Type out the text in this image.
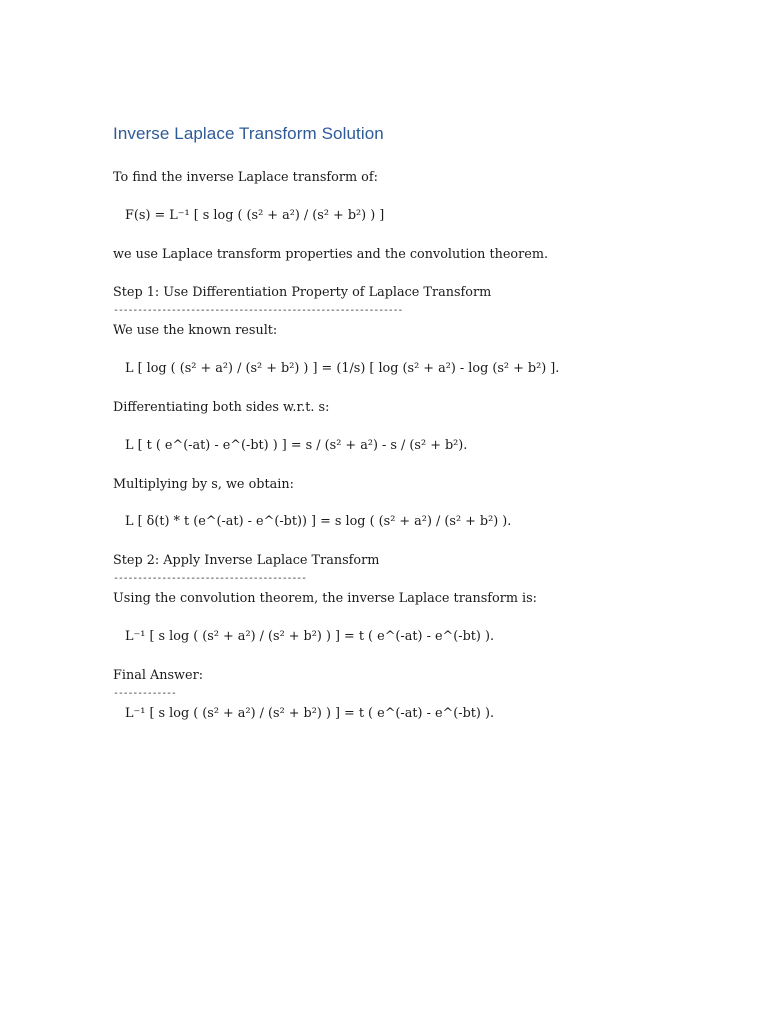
Inverse Laplace Transform Solution
To find the inverse Laplace transform of:
F(s) = L⁻¹ [ s log ( (s² + a²) / (s² + b²) ) ]
we use Laplace transform properties and the convolution theorem.
Step 1: Use Differentiation Property of Laplace Transform
------------------------------------------------------------
We use the known result:
L [ log ( (s² + a²) / (s² + b²) ) ] = (1/s) [ log (s² + a²) - log (s² + b²) ].
Differentiating both sides w.r.t. s:
L [ t ( e^(-at) - e^(-bt) ) ] = s / (s² + a²) - s / (s² + b²).
Multiplying by s, we obtain:
L [ δ(t) * t (e^(-at) - e^(-bt)) ] = s log ( (s² + a²) / (s² + b²) ).
Step 2: Apply Inverse Laplace Transform
----------------------------------------
Using the convolution theorem, the inverse Laplace transform is:
L⁻¹ [ s log ( (s² + a²) / (s² + b²) ) ] = t ( e^(-at) - e^(-bt) ).
Final Answer:
-------------
L⁻¹ [ s log ( (s² + a²) / (s² + b²) ) ] = t ( e^(-at) - e^(-bt) ).
